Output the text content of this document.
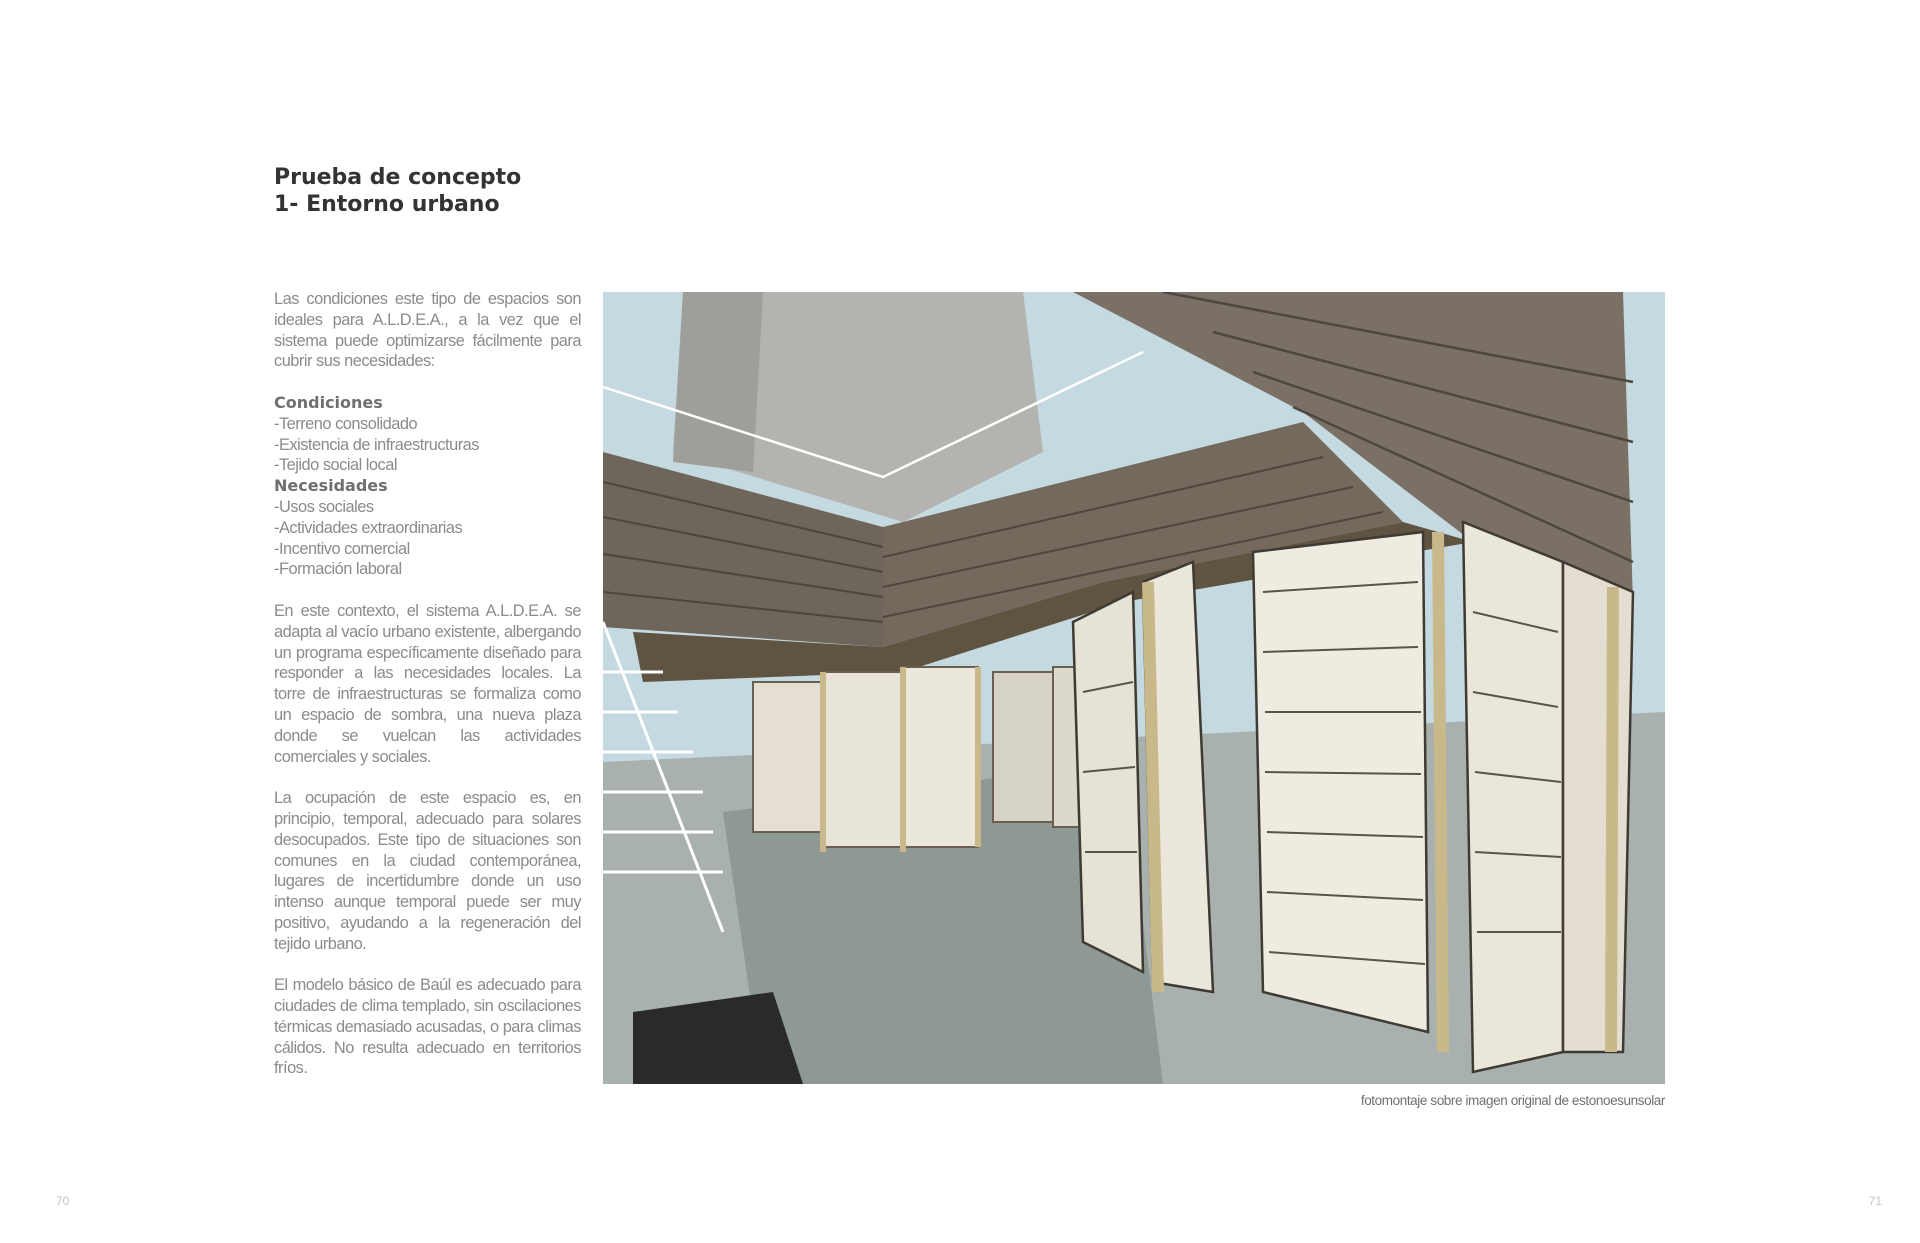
Prueba de concepto
1- Entorno urbano

Las condiciones este tipo de espacios son ideales para A.L.D.E.A., a la vez que el sistema puede optimizarse fácilmente para cubrir sus necesidades:

Condiciones
-Terreno consolidado
-Existencia de infraestructuras
-Tejido social local
Necesidades
-Usos sociales
-Actividades extraordinarias
-Incentivo comercial
-Formación laboral

En este contexto, el sistema A.L.D.E.A. se adapta al vacío urbano existente, albergando un programa específicamente diseñado para responder a las necesidades locales. La torre de infraestructuras se formaliza como un espacio de sombra, una nueva plaza donde se vuelcan las actividades comerciales y sociales.

La ocupación de este espacio es, en principio, temporal, adecuado para solares desocupados. Este tipo de situaciones son comunes en la ciudad contemporánea, lugares de incertidumbre donde un uso intenso aunque temporal puede ser muy positivo, ayudando a la regeneración del tejido urbano.

El modelo básico de Baúl es adecuado para ciudades de clima templado, sin oscilaciones térmicas demasiado acusadas, o para climas cálidos. No resulta adecuado en territorios fríos.

fotomontaje sobre imagen original de estonoesunsolar
70	71
